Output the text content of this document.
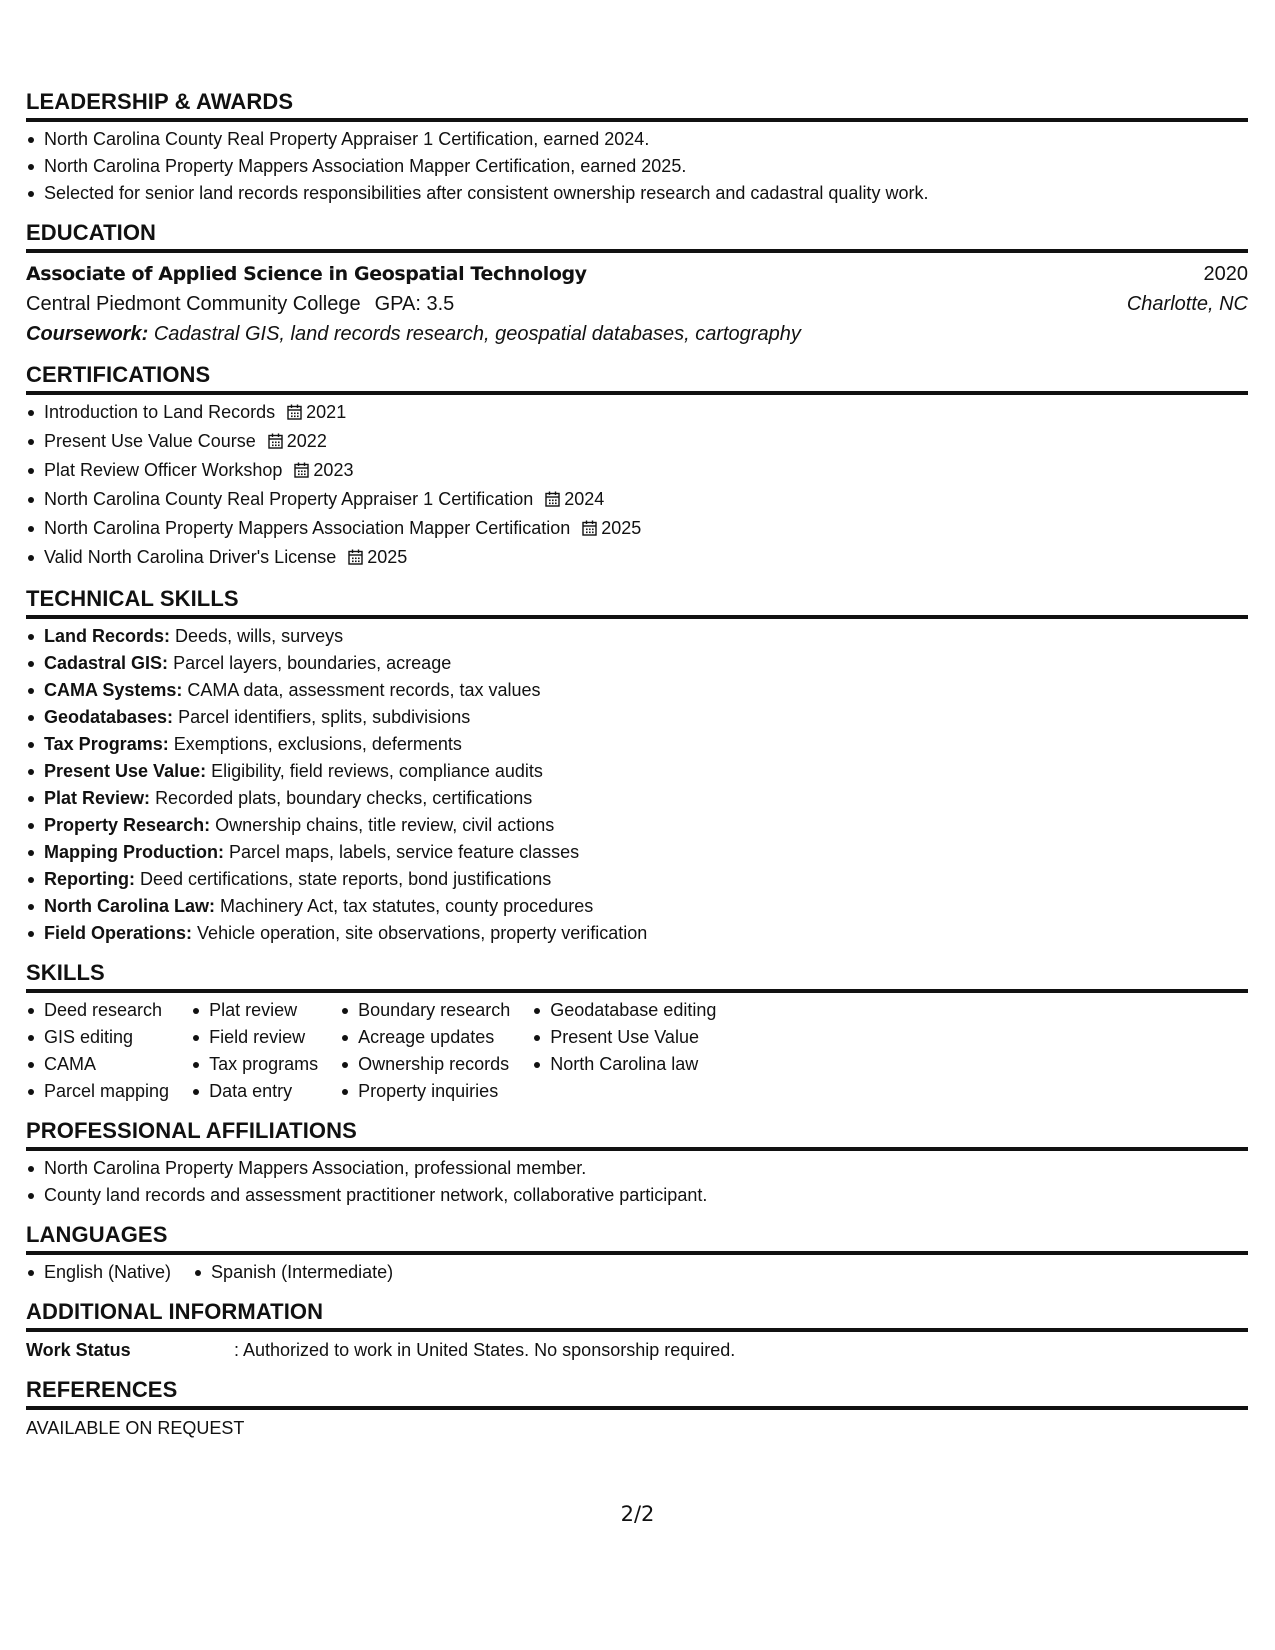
LEADERSHIP & AWARDS
North Carolina County Real Property Appraiser 1 Certification, earned 2024.
North Carolina Property Mappers Association Mapper Certification, earned 2025.
Selected for senior land records responsibilities after consistent ownership research and cadastral quality work.
EDUCATION
Associate of Applied Science in Geospatial Technology	2020
Central Piedmont Community College GPA: 3.5	Charlotte, NC
Coursework: Cadastral GIS, land records research, geospatial databases, cartography
CERTIFICATIONS
Introduction to Land Records 2021
Present Use Value Course 2022
Plat Review Officer Workshop 2023
North Carolina County Real Property Appraiser 1 Certification 2024
North Carolina Property Mappers Association Mapper Certification 2025
Valid North Carolina Driver's License 2025
TECHNICAL SKILLS
Land Records: Deeds, wills, surveys
Cadastral GIS: Parcel layers, boundaries, acreage
CAMA Systems: CAMA data, assessment records, tax values
Geodatabases: Parcel identifiers, splits, subdivisions
Tax Programs: Exemptions, exclusions, deferments
Present Use Value: Eligibility, field reviews, compliance audits
Plat Review: Recorded plats, boundary checks, certifications
Property Research: Ownership chains, title review, civil actions
Mapping Production: Parcel maps, labels, service feature classes
Reporting: Deed certifications, state reports, bond justifications
North Carolina Law: Machinery Act, tax statutes, county procedures
Field Operations: Vehicle operation, site observations, property verification
SKILLS
Deed research
GIS editing
CAMA
Parcel mapping
Plat review
Field review
Tax programs
Data entry
Boundary research
Acreage updates
Ownership records
Property inquiries
Geodatabase editing
Present Use Value
North Carolina law
PROFESSIONAL AFFILIATIONS
North Carolina Property Mappers Association, professional member.
County land records and assessment practitioner network, collaborative participant.
LANGUAGES
English (Native)	Spanish (Intermediate)
ADDITIONAL INFORMATION
Work Status	: Authorized to work in United States. No sponsorship required.
REFERENCES
AVAILABLE ON REQUEST
2/2
